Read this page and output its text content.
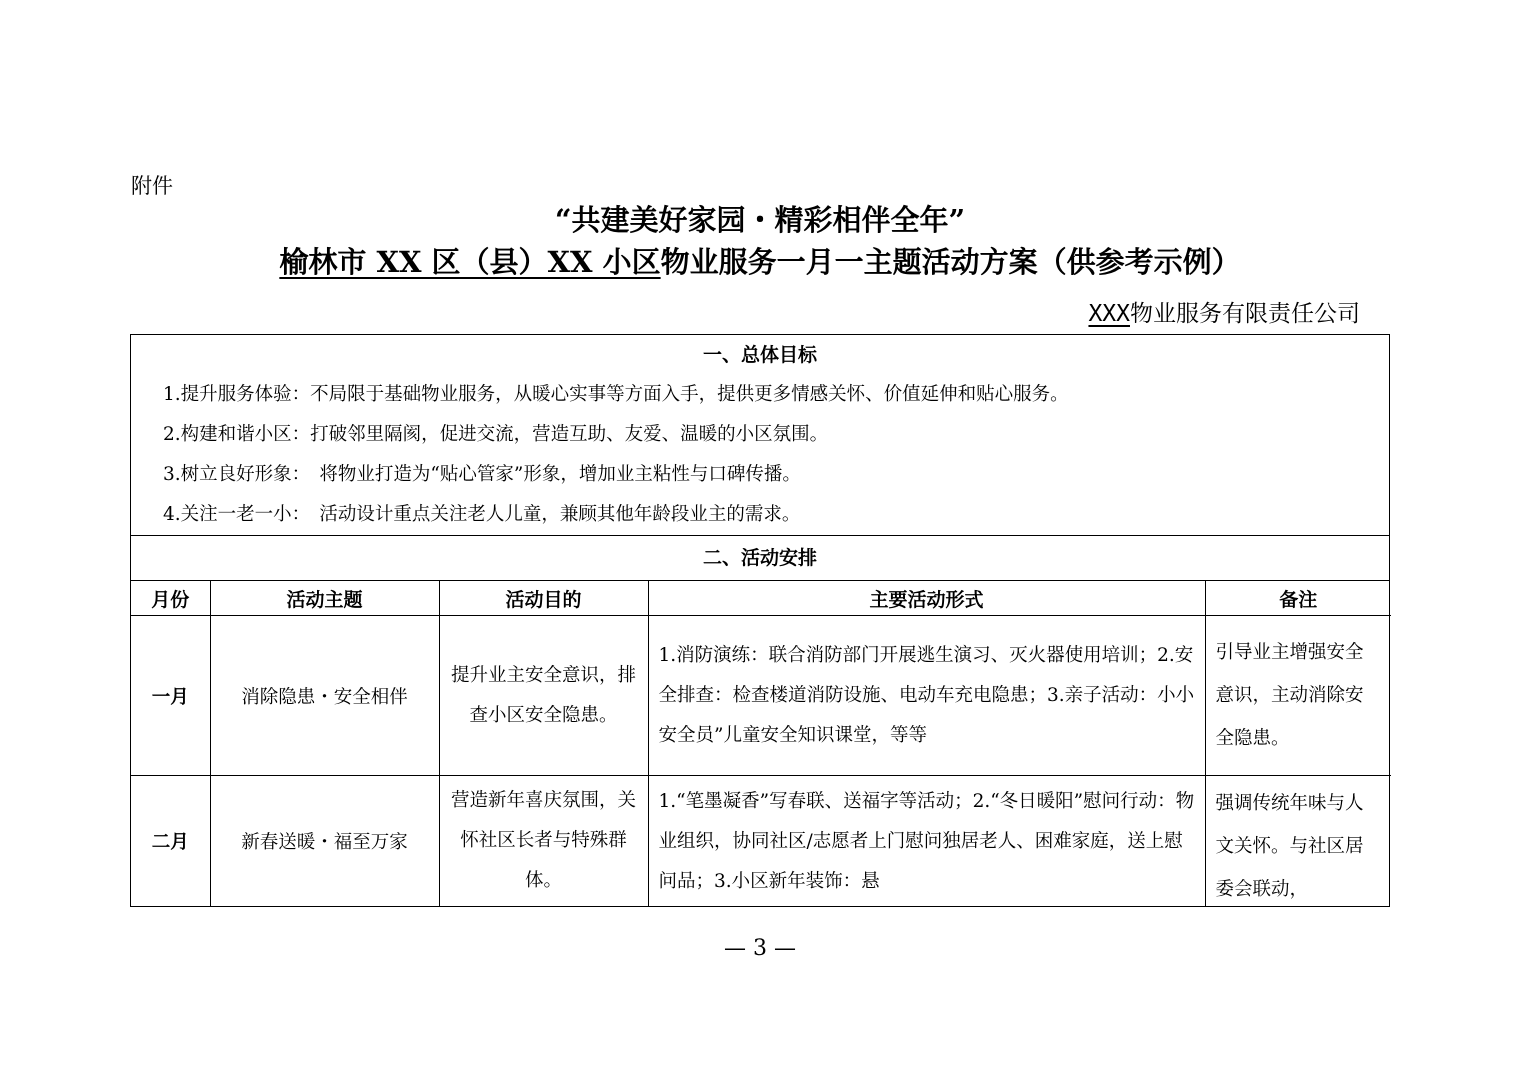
附件
“共建美好家园・精彩相伴全年”
榆林市 XX 区（县）XX 小区物业服务一月一主题活动方案（供参考示例）
XXX物业服务有限责任公司
一、总体目标
1.提升服务体验：不局限于基础物业服务，从暖心实事等方面入手，提供更多情感关怀、价值延伸和贴心服务。
2.构建和谐小区：打破邻里隔阂，促进交流，营造互助、友爱、温暖的小区氛围。
3.树立良好形象：　将物业打造为“贴心管家”形象，增加业主粘性与口碑传播。
4.关注一老一小：　活动设计重点关注老人儿童，兼顾其他年龄段业主的需求。
二、活动安排
月份	活动主题	活动目的	主要活动形式	备注
一月	消除隐患・安全相伴	提升业主安全意识，排查小区安全隐患。	1.消防演练：联合消防部门开展逃生演习、灭火器使用培训；2.安全排查：检查楼道消防设施、电动车充电隐患；3.亲子活动：小小安全员”儿童安全知识课堂，等等	引导业主增强安全意识，主动消除安全隐患。
二月	新春送暖・福至万家	营造新年喜庆氛围，关怀社区长者与特殊群体。	1.“笔墨凝香”写春联、送福字等活动；2.“冬日暖阳”慰问行动：物业组织，协同社区/志愿者上门慰问独居老人、困难家庭，送上慰问品；3.小区新年装饰：悬	强调传统年味与人文关怀。与社区居委会联动，
— 3 —
